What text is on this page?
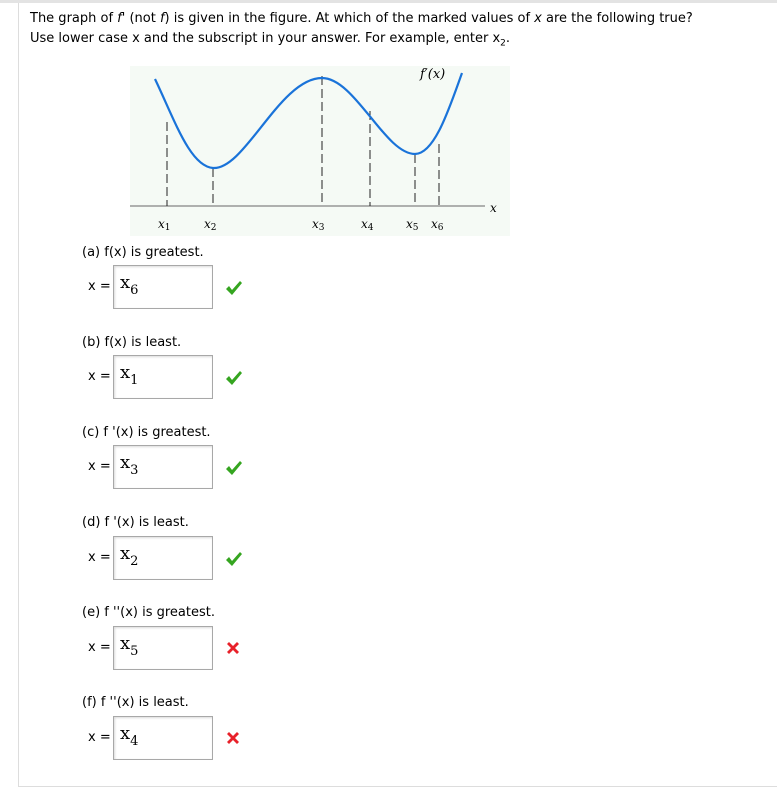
The graph of f' (not f) is given in the figure. At which of the marked values of x are the following true?
Use lower case x and the subscript in your answer. For example, enter $x_2$.
x
f′(x)
x1	x2	x3	x4	x5 x6
(a) f(x) is greatest.
$x = x_6$
(b) f(x) is least.
$x = x_1$
(c) f '(x) is greatest.
$x = x_3$
(d) f '(x) is least.
$x = x_2$
(e) f ''(x) is greatest.
$x = x_5$
(f) f ''(x) is least.
$x = x_4$
